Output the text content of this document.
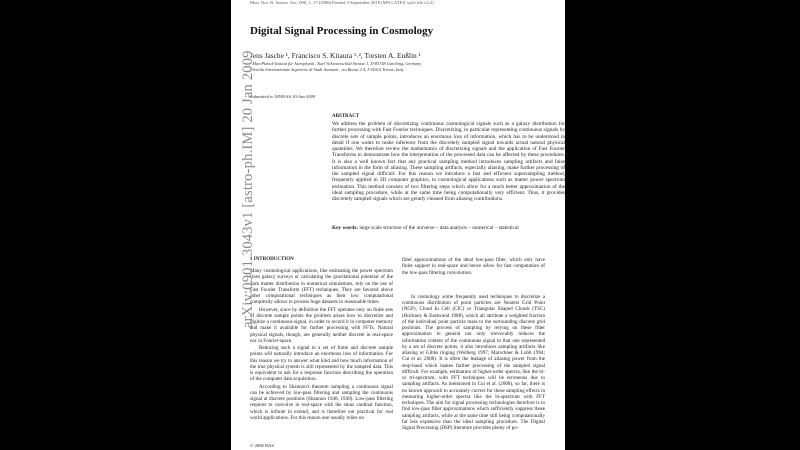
Mon. Not. R. Astron. Soc. 000, 1–17 (2006) Printed 3 September 2018 (MN LATEX style file v2.2)
Digital Signal Processing in Cosmology
Jens Jasche ¹, Francisco S. Kitaura ¹˒², Torsten A. Enßlin ¹
¹ Max-Planck-Institut für Astrophysik , Karl-Schwarzschild Strasse 1, D-85748 Garching, Germany
² Scuola Internazionale Superiore di Studi Avanzati , via Beirut 2-4, I-34014 Trieste, Italy
Submitted to MNRAS 20-Jan-2009
ABSTRACT
We address the problem of discretizing continuous cosmological signals such as a galaxy distribution for further processing with Fast Fourier techniques. Discretizing, in particular representing continuous signals by discrete sets of sample points, introduces an enormous loss of information, which has to be understood in detail if one wants to make inference from the discretely sampled signal towards actual natural physical quantities. We therefore review the mathematics of discretizing signals and the application of Fast Fourier Transforms to demonstrate how the interpretation of the processed data can be affected by these procedures. It is also a well known fact that any practical sampling method introduces sampling artifacts and false information in the form of aliasing. These sampling artifacts, especially aliasing, make further processing of the sampled signal difficult. For this reason we introduce a fast and efficient supersampling method, frequently applied in 3D computer graphics, to cosmological applications such as matter power spectrum estimation. This method consists of two filtering steps which allow for a much better approximation of the ideal sampling procedure, while at the same time being computationally very efficient. Thus, it provides discretely sampled signals which are greatly cleaned from aliasing contributions.
Key words: large scale structure of the universe – data analysis – numerical – statistical
1 INTRODUCTION

Many cosmological applications, like estimating the power spectrum from galaxy surveys or calculating the gravitational potential of the dark matter distribution in numerical simulations, rely on the use of Fast Fourier Transform (FFT) techniques. They are favored above other computational techniques as their low computational complexity allows to process huge datasets in reasonable times.

However, since by definition the FFT operates only on finite sets of discrete sample points the problem arises how to discretize and digitize a continuous signal, in order to record it in computer memory and make it available for further processing with FFTs. Natural physical signals, though, are generally neither discrete in real-space nor in Fourier-space.

Reducing such a signal to a set of finite and discrete sample points will naturally introduce an enormous loss of information. For this reason we try to answer what kind and how much information of the true physical system is still represented by the sampled data. This is equivalent to ask for a response function describing the operation of the computer data acquisition.

According to Shannon's theorem sampling a continuous signal can be achieved by low-pass filtering and sampling the continuous signal at discrete positions (Shannon 1948, 1949). Low-pass filtering requires to convolve in real-space with the sinus cardinal function, which is infinite in extend, and is therefore not practical for real world applications. For this reason one usually relies on

filter approximations of the ideal low-pass filter, which only have finite support in real-space and hence allow for fast computation of the low-pass filtering convolution.

In cosmology some frequently used techniques to discretize a continuous distribution of point particles are Nearest Grid Point (NGP), Cloud In Cell (CIC) or Triangular Shaped Clouds (TSC) (Hockney & Eastwood 1988), which all attribute a weighted fraction of the individual point particle mass to the surrounding discrete grid positions. The process of sampling by relying on these filter approximation in general not only irrevocably reduces the information content of the continuous signal to that one represented by a set of discrete points, it also introduces sampling artifacts like aliasing or Gibbs ringing (Wolberg 1997; Marschner & Lobb 1994; Cui et al. 2008). It is often the leakage of aliasing power from the stop-band which makes further processing of the sampled signal difficult. For example, estimation of higher-order spectra, like the bi- or tri-spectrum, with FFT techniques will be erroneous due to sampling artifacts. As mentioned in Cui et al. (2008), so far, there is no known approach to accurately correct for these sampling effects in measuring higher-order spectra like the bi-spectrum with FFT techniques. The aim for signal processing technologies therefore is to find low-pass filter approximations which sufficiently suppress these sampling artifacts, while at the same time still being computationally far less expensive than the ideal sampling procedure. The Digital Signal Processing (DSP) literature provides plenty of po-

© 2006 RAS
arXiv:0901.3043v1 [astro-ph.IM] 20 Jan 2009
